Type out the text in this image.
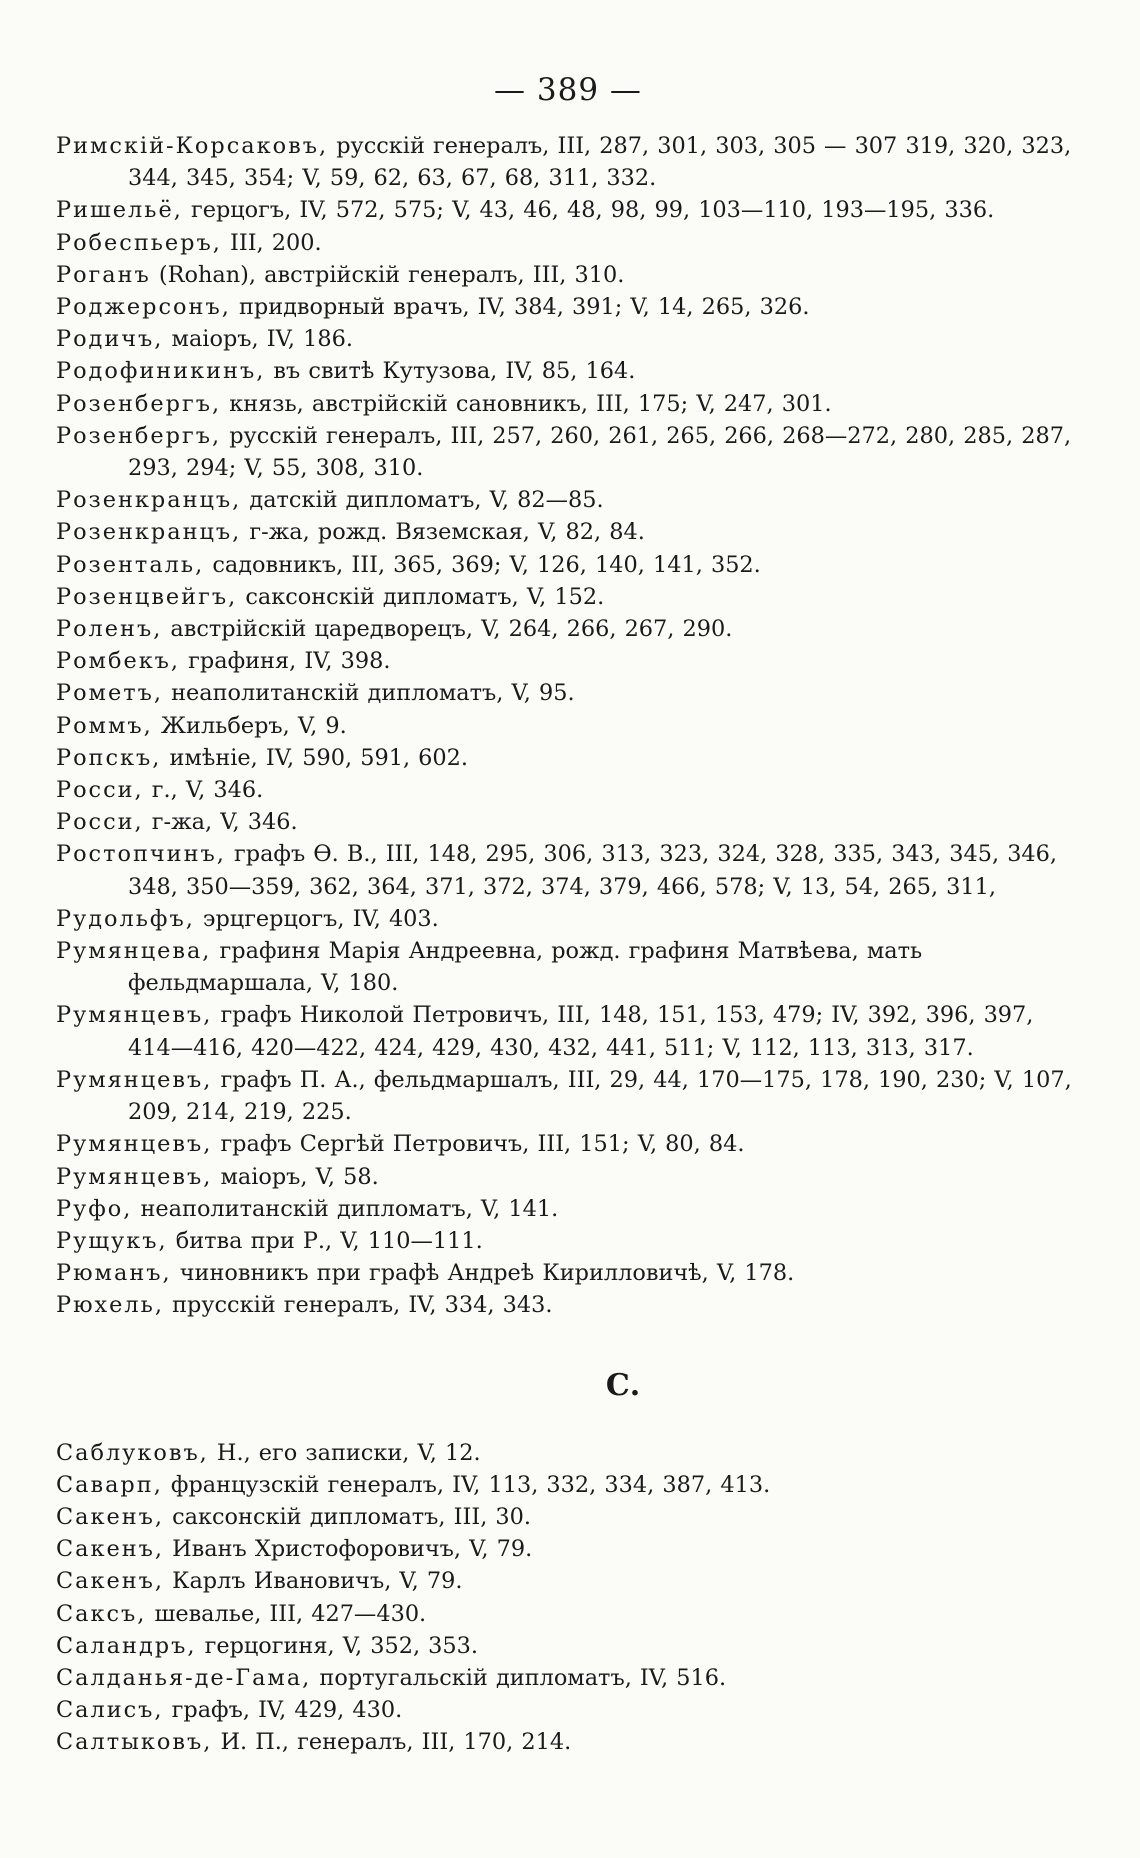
— 389 —
Римскій-Корсаковъ, русскій генералъ, III, 287, 301, 303, 305 — 307 319, 320, 323, 344, 345, 354; V, 59, 62, 63, 67, 68, 311, 332.
Ришельё, герцогъ, IV, 572, 575; V, 43, 46, 48, 98, 99, 103—110, 193—195, 336.
Робеспьеръ, III, 200.
Роганъ (Rohan), австрійскій генералъ, III, 310.
Роджерсонъ, придворный врачъ, IV, 384, 391; V, 14, 265, 326.
Родичъ, маіоръ, IV, 186.
Родофиникинъ, въ свитѣ Кутузова, IV, 85, 164.
Розенбергъ, князь, австрійскій сановникъ, III, 175; V, 247, 301.
Розенбергъ, русскій генералъ, III, 257, 260, 261, 265, 266, 268—272, 280, 285, 287, 293, 294; V, 55, 308, 310.
Розенкранцъ, датскій дипломатъ, V, 82—85.
Розенкранцъ, г-жа, рожд. Вяземская, V, 82, 84.
Розенталь, садовникъ, III, 365, 369; V, 126, 140, 141, 352.
Розенцвейгъ, саксонскій дипломатъ, V, 152.
Роленъ, австрійскій царедворецъ, V, 264, 266, 267, 290.
Ромбекъ, графиня, IV, 398.
Рометъ, неаполитанскій дипломатъ, V, 95.
Роммъ, Жильберъ, V, 9.
Ропскъ, имѣніе, IV, 590, 591, 602.
Росси, г., V, 346.
Росси, г-жа, V, 346.
Ростопчинъ, графъ Ѳ. В., III, 148, 295, 306, 313, 323, 324, 328, 335, 343, 345, 346, 348, 350—359, 362, 364, 371, 372, 374, 379, 466, 578; V, 13, 54, 265, 311,
Рудольфъ, эрцгерцогъ, IV, 403.
Румянцева, графиня Марія Андреевна, рожд. графиня Матвѣева, мать фельдмаршала, V, 180.
Румянцевъ, графъ Николой Петровичъ, III, 148, 151, 153, 479; IV, 392, 396, 397, 414—416, 420—422, 424, 429, 430, 432, 441, 511; V, 112, 113, 313, 317.
Румянцевъ, графъ П. А., фельдмаршалъ, III, 29, 44, 170—175, 178, 190, 230; V, 107, 209, 214, 219, 225.
Румянцевъ, графъ Сергѣй Петровичъ, III, 151; V, 80, 84.
Румянцевъ, маіоръ, V, 58.
Руфо, неаполитанскій дипломатъ, V, 141.
Рущукъ, битва при Р., V, 110—111.
Рюманъ, чиновникъ при графѣ Андреѣ Кирилловичѣ, V, 178.
Рюхель, прусскій генералъ, IV, 334, 343.
С.
Саблуковъ, Н., его записки, V, 12.
Саварп, французскій генералъ, IV, 113, 332, 334, 387, 413.
Сакенъ, саксонскій дипломатъ, III, 30.
Сакенъ, Иванъ Христофоровичъ, V, 79.
Сакенъ, Карлъ Ивановичъ, V, 79.
Саксъ, шевалье, III, 427—430.
Саландръ, герцогиня, V, 352, 353.
Салданья-де-Гама, португальскій дипломатъ, IV, 516.
Салисъ, графъ, IV, 429, 430.
Салтыковъ, И. П., генералъ, III, 170, 214.
